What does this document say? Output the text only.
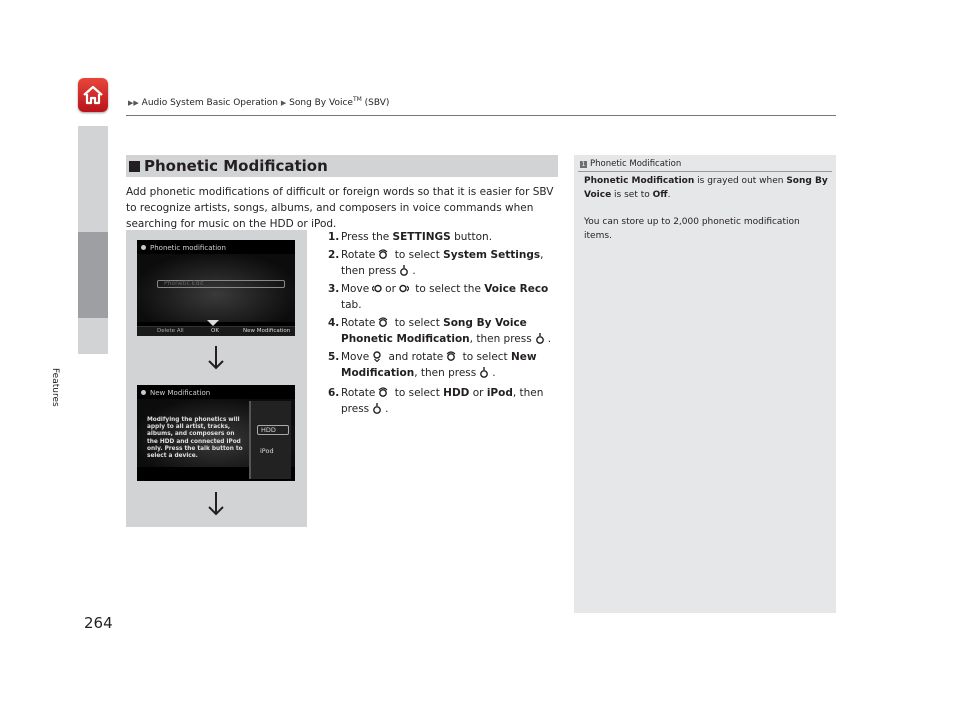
▶▶ Audio System Basic Operation ▶ Song By Voice™ (SBV)
Features
264
Phonetic Modification
Add phonetic modifications of difficult or foreign words so that it is easier for SBV to recognize artists, songs, albums, and composers in voice commands when searching for music on the HDD or iPod.
Phonetic modification
Phonetic Edit
Delete All	OK	New Modification
New Modification
Modifying the phonetics will apply to all artist, tracks, albums, and composers on the HDD and connected iPod only. Press the talk button to select a device.
HDD
iPod
1. Press the SETTINGS button.
2. Rotate to select System Settings,
then press .
3. Move or to select the Voice Reco
tab.
4. Rotate to select Song By Voice Phonetic Modification, then press .
5. Move and rotate to select New Modification, then press .
6. Rotate to select HDD or iPod, then press .
1 Phonetic Modification
Phonetic Modification is grayed out when Song By Voice is set to Off.
You can store up to 2,000 phonetic modification items.
